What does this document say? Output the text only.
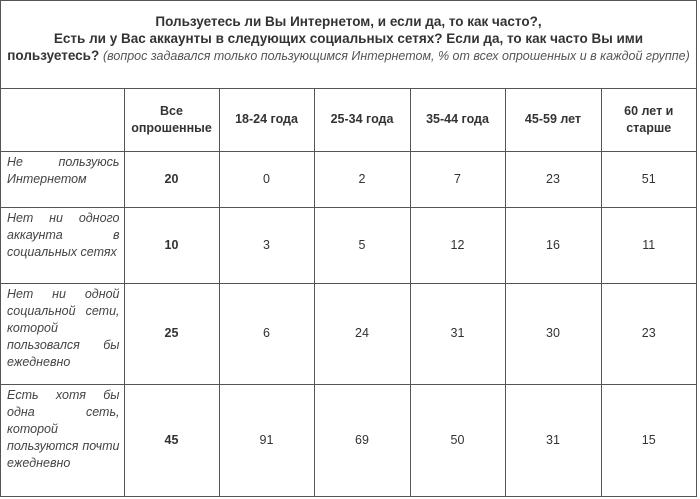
Пользуетесь ли Вы Интернетом, и если да, то как часто?,
Есть ли у Вас аккаунты в следующих социальных сетях? Если да, то как часто Вы ими
пользуетесь? (вопрос задавался только пользующимся Интернетом, % от всех опрошенных и в каждой группе)
	Все опрошенные	18-24 года	25-34 года	35-44 года	45-59 лет	60 лет и старше
Не пользуюсь Интернетом	20	0	2	7	23	51
Нет ни одного аккаунта в социальных сетях	10	3	5	12	16	11
Нет ни одной социальной сети, которой пользовался бы ежедневно	25	6	24	31	30	23
Есть хотя бы одна сеть, которой пользуются почти ежедневно	45	91	69	50	31	15
